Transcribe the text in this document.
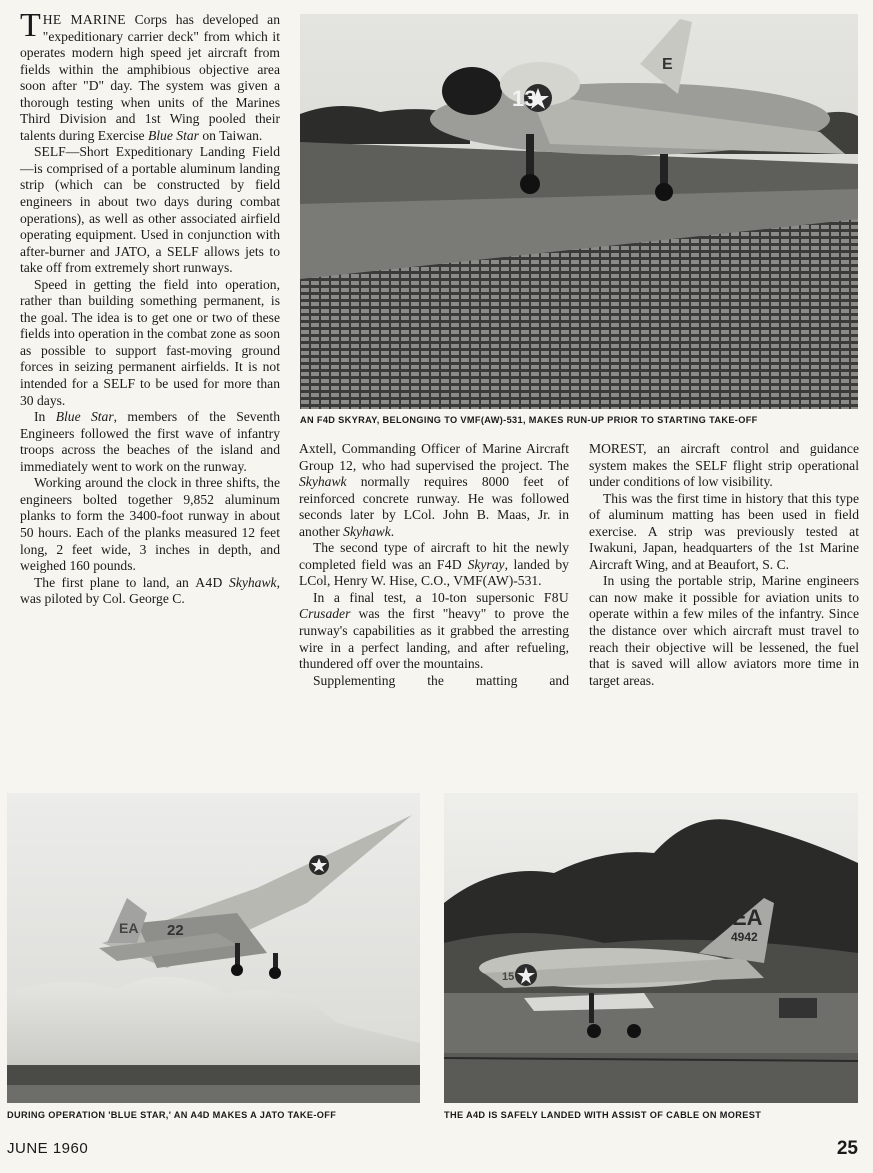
THE MARINE Corps has developed an "expeditionary carrier deck" from which it operates modern high speed jet aircraft from fields within the amphibious objective area soon after "D" day. The system was given a thorough testing when units of the Marines Third Division and 1st Wing pooled their talents during Exercise Blue Star on Taiwan.

SELF—Short Expeditionary Landing Field—is comprised of a portable aluminum landing strip (which can be constructed by field engineers in about two days during combat operations), as well as other associated airfield operating equipment. Used in conjunction with after-burner and JATO, a SELF allows jets to take off from extremely short runways.

Speed in getting the field into operation, rather than building something permanent, is the goal. The idea is to get one or two of these fields into operation in the combat zone as soon as possible to support fast-moving ground forces in seizing permanent airfields. It is not intended for a SELF to be used for more than 30 days.

In Blue Star, members of the Seventh Engineers followed the first wave of infantry troops across the beaches of the island and immediately went to work on the runway.

Working around the clock in three shifts, the engineers bolted together 9,852 aluminum planks to form the 3400-foot runway in about 50 hours. Each of the planks measured 12 feet long, 2 feet wide, 3 inches in depth, and weighed 160 pounds.

The first plane to land, an A4D Skyhawk, was piloted by Col. George C.

13
E
AN F4D SKYRAY, BELONGING TO VMF(AW)-531, MAKES RUN-UP PRIOR TO STARTING TAKE-OFF

Axtell, Commanding Officer of Marine Aircraft Group 12, who had supervised the project. The Skyhawk normally requires 8000 feet of reinforced concrete runway. He was followed seconds later by LCol. John B. Maas, Jr. in another Skyhawk.

The second type of aircraft to hit the newly completed field was an F4D Skyray, landed by LCol, Henry W. Hise, C.O., VMF(AW)-531.

In a final test, a 10-ton supersonic F8U Crusader was the first "heavy" to prove the runway's capabilities as it grabbed the arresting wire in a perfect landing, and after refueling, thundered off over the mountains.

Supplementing the matting and

MOREST, an aircraft control and guidance system makes the SELF flight strip operational under conditions of low visibility.

This was the first time in history that this type of aluminum matting has been used in field exercise. A strip was previously tested at Iwakuni, Japan, headquarters of the 1st Marine Aircraft Wing, and at Beaufort, S. C.

In using the portable strip, Marine engineers can now make it possible for aviation units to operate within a few miles of the infantry. Since the distance over which aircraft must travel to reach their objective will be lessened, the fuel that is saved will allow aviators more time in target areas.

EA 22
DURING OPERATION 'BLUE STAR,' AN A4D MAKES A JATO TAKE-OFF
EA
4942
15
THE A4D IS SAFELY LANDED WITH ASSIST OF CABLE ON MOREST
JUNE 1960	25
